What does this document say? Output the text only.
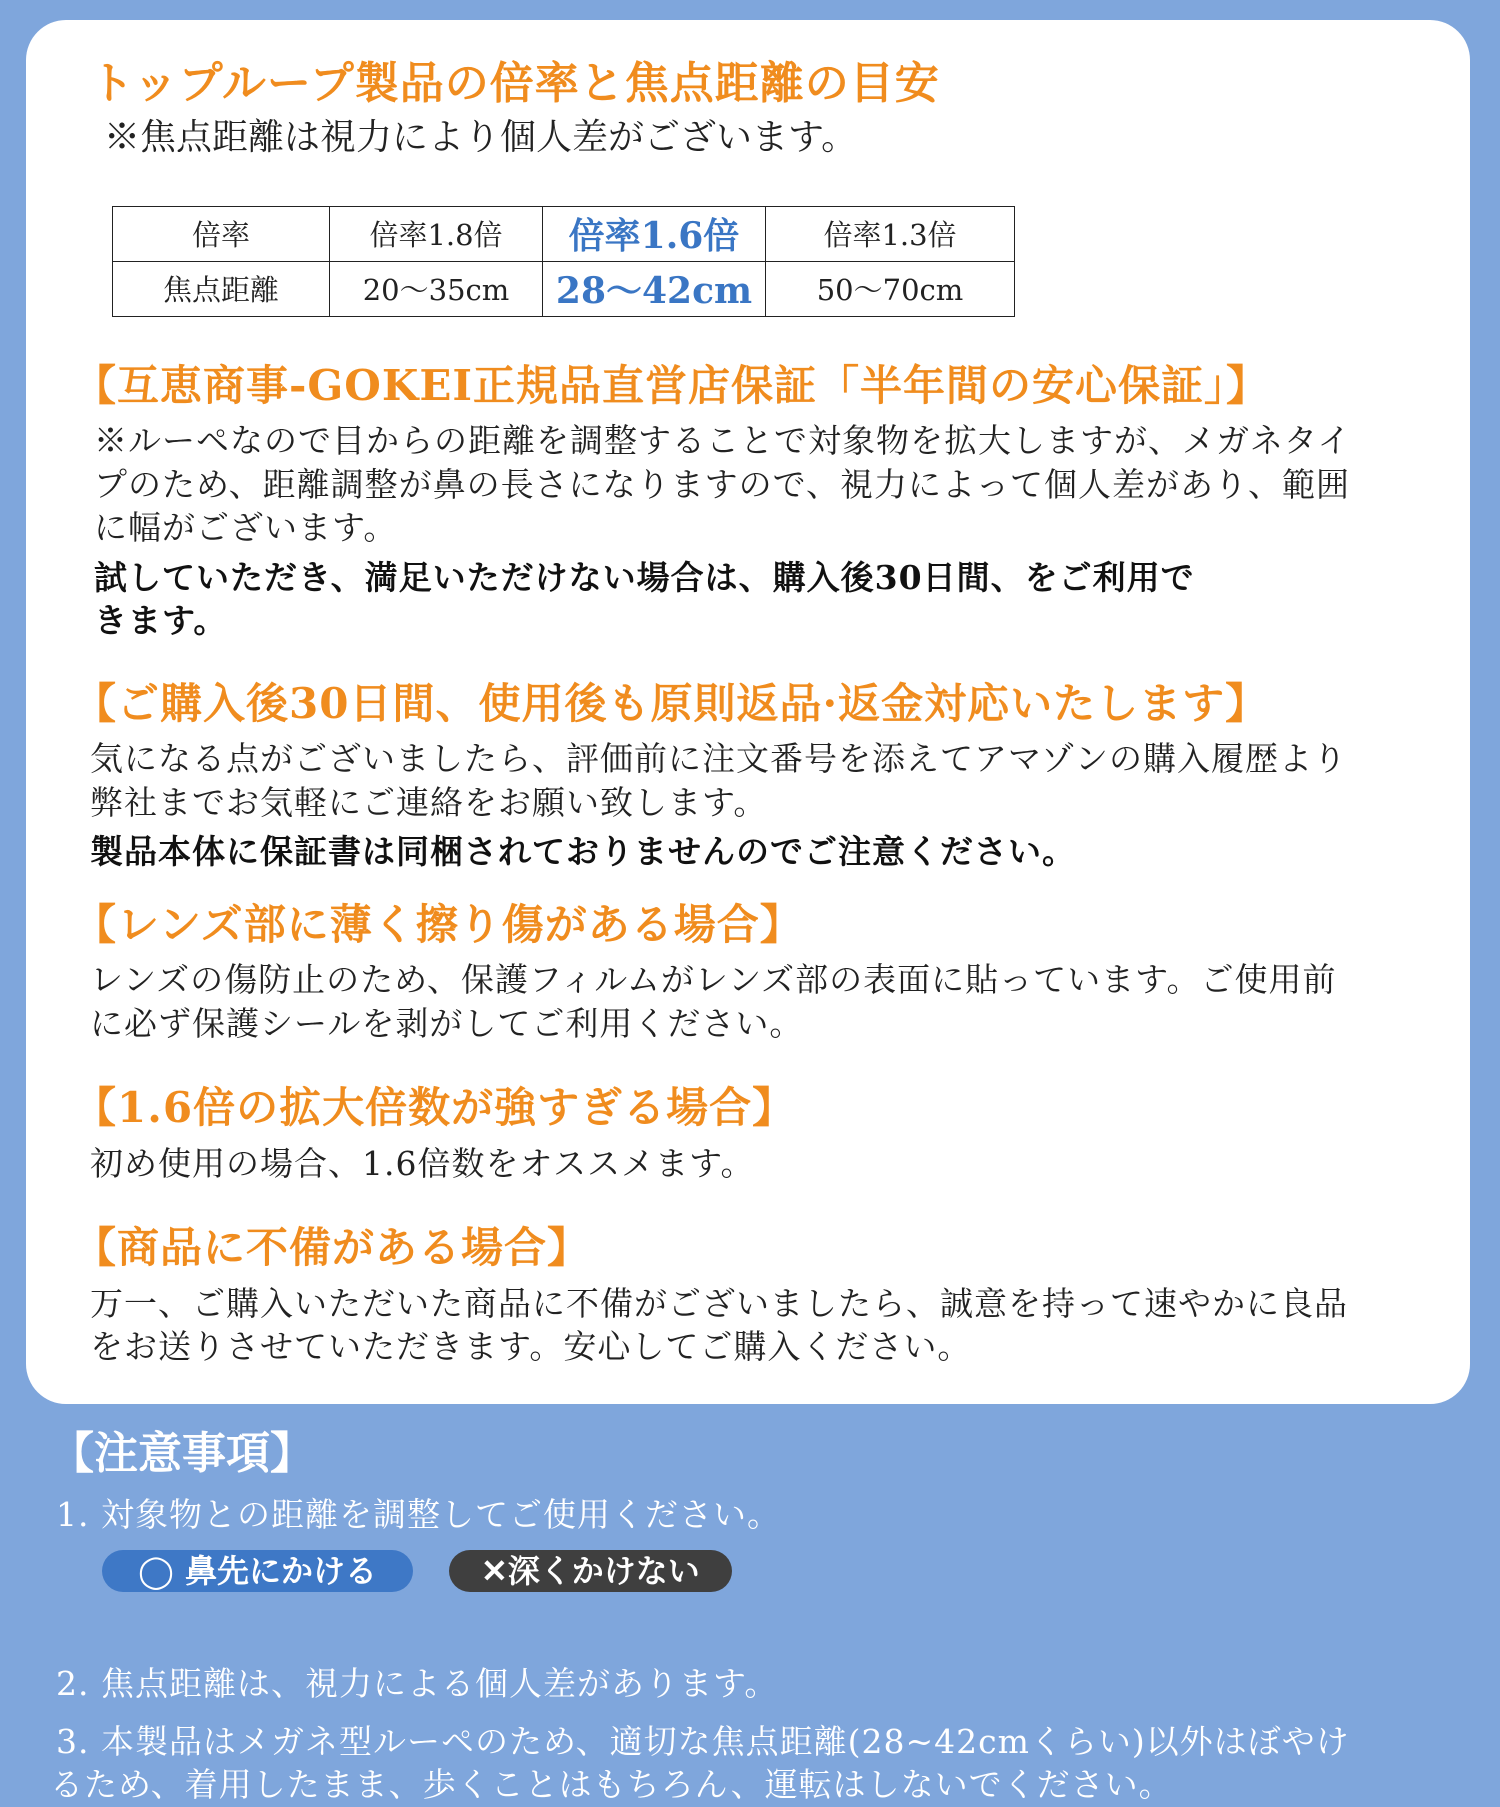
トップループ製品の倍率と焦点距離の目安
※焦点距離は視力により個人差がございます。
倍率	倍率1.8倍	倍率1.6倍	倍率1.3倍
焦点距離	20～35cm	28～42cm	50～70cm
【互恵商事-GOKEI正規品直営店保証「半年間の安心保証」】
※ルーペなので目からの距離を調整することで対象物を拡大しますが、メガネタイ
プのため、距離調整が鼻の長さになりますので、視力によって個人差があり、範囲
に幅がございます。
試していただき、満足いただけない場合は、購入後30日間、をご利用で
きます。
【ご購入後30日間、使用後も原則返品·返金対応いたします】
気になる点がございましたら、評価前に注文番号を添えてアマゾンの購入履歴より
弊社までお気軽にご連絡をお願い致します。
製品本体に保証書は同梱されておりませんのでご注意ください。
【レンズ部に薄く擦り傷がある場合】
レンズの傷防止のため、保護フィルムがレンズ部の表面に貼っています。ご使用前
に必ず保護シールを剥がしてご利用ください。
【1.6倍の拡大倍数が強すぎる場合】
初め使用の場合、1.6倍数をオススメます。
【商品に不備がある場合】
万一、ご購入いただいた商品に不備がございましたら、誠意を持って速やかに良品
をお送りさせていただきます。安心してご購入ください。
【注意事項】
1. 対象物との距離を調整してご使用ください。
◯ 鼻先にかける	✕深くかけない
2. 焦点距離は、視力による個人差があります。
3. 本製品はメガネ型ルーペのため、適切な焦点距離(28~42cmくらい)以外はぼやけ
るため、着用したまま、歩くことはもちろん、運転はしないでください。
